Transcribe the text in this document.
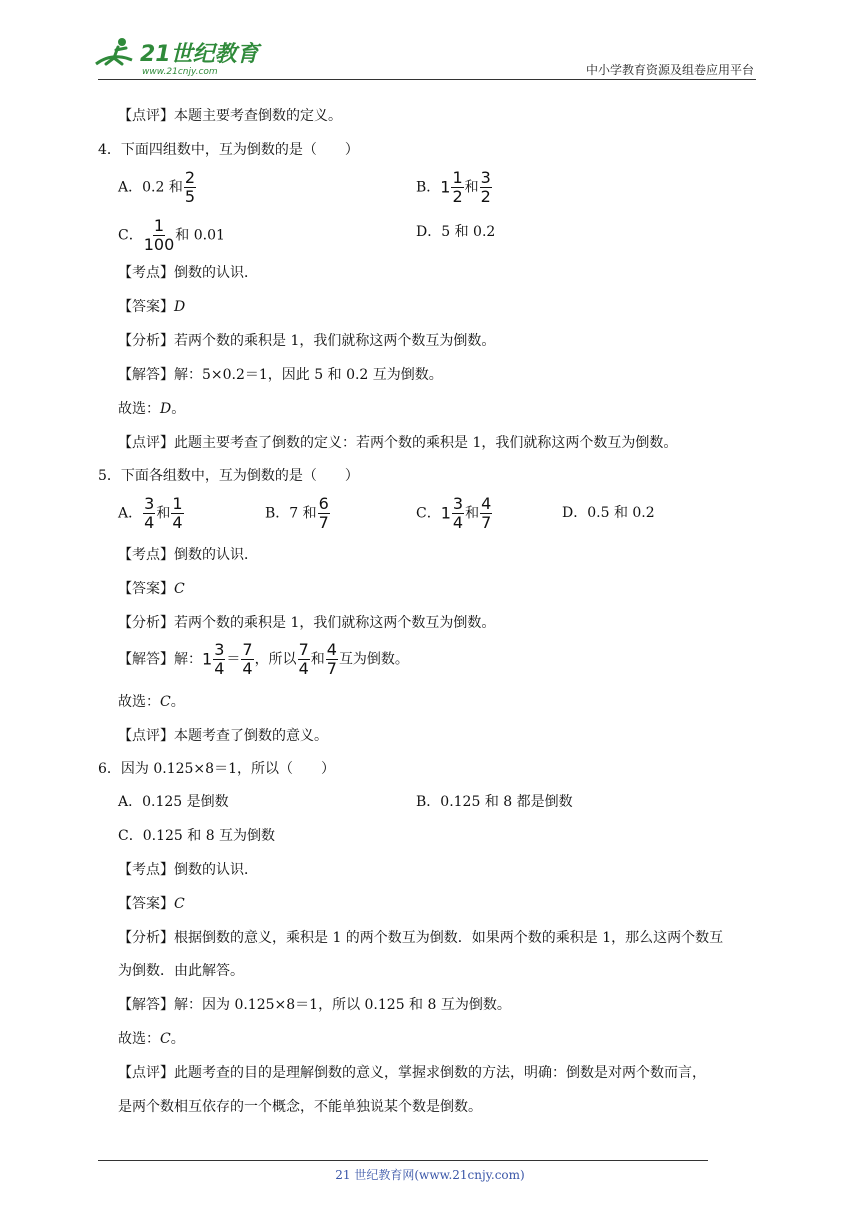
21世纪教育
www.21cnjy.com	中小学教育资源及组卷应用平台
【点评】本题主要考查倒数的定义。
4．下面四组数中，互为倒数的是（　　）
A．0.2 和 $\frac{2}{5}$	B．$1 \frac{1}{2}$ 和 $\frac{3}{2}$
C． $\frac{1}{100}$ 和 0.01	D．5 和 0.2
【考点】倒数的认识．
【答案】D
【分析】若两个数的乘积是 1，我们就称这两个数互为倒数。
【解答】解：5×0.2＝1，因此 5 和 0.2 互为倒数。
故选：D。
【点评】此题主要考查了倒数的定义：若两个数的乘积是 1，我们就称这两个数互为倒数。
5．下面各组数中，互为倒数的是（　　）
A． $\frac{3}{4}$ 和 $\frac{1}{4}$	B．7 和 $\frac{6}{7}$	C．$1 \frac{3}{4}$ 和 $\frac{4}{7}$	D．0.5 和 0.2
【考点】倒数的认识．
【答案】C
【分析】若两个数的乘积是 1，我们就称这两个数互为倒数。
【解答】解：$1 \frac{3}{4} = \frac{7}{4}$ ，所以 $\frac{7}{4}$ 和 $\frac{4}{7}$ 互为倒数。
故选：C。
【点评】本题考查了倒数的意义。
6．因为 0.125×8＝1，所以（　　）
A．0.125 是倒数	B．0.125 和 8 都是倒数
C．0.125 和 8 互为倒数
【考点】倒数的认识．
【答案】C
【分析】根据倒数的意义，乘积是 1 的两个数互为倒数．如果两个数的乘积是 1，那么这两个数互
为倒数．由此解答。
【解答】解：因为 0.125×8＝1，所以 0.125 和 8 互为倒数。
故选：C。
【点评】此题考查的目的是理解倒数的意义，掌握求倒数的方法，明确：倒数是对两个数而言，
是两个数相互依存的一个概念，不能单独说某个数是倒数。
21 世纪教育网(www.21cnjy.com)
